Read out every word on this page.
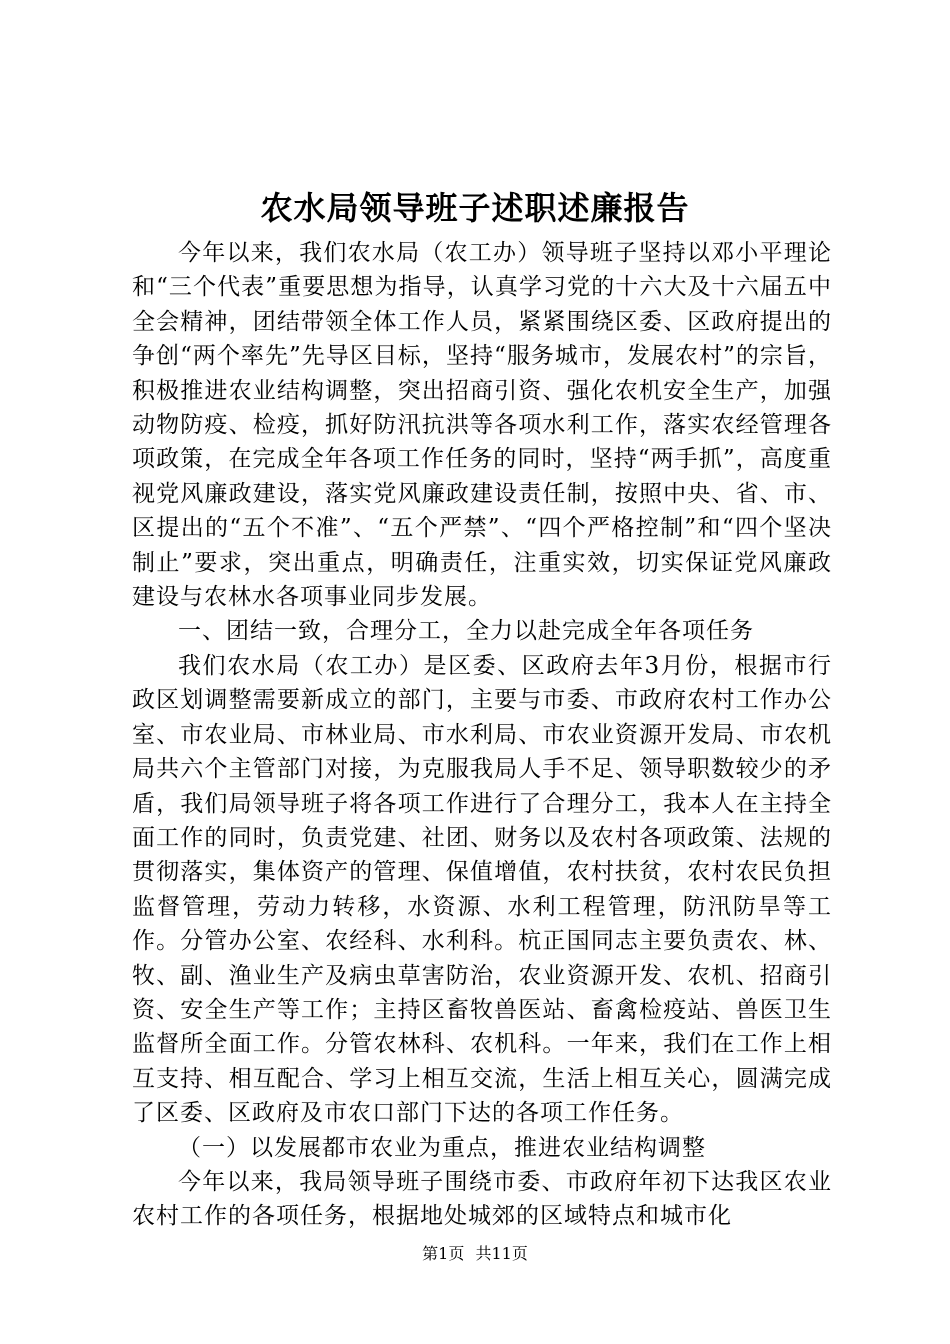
农水局领导班子述职述廉报告

今年以来，我们农水局（农工办）领导班子坚持以邓小平理论和“三个代表”重要思想为指导，认真学习党的十六大及十六届五中全会精神，团结带领全体工作人员，紧紧围绕区委、区政府提出的争创“两个率先”先导区目标，坚持“服务城市，发展农村”的宗旨，积极推进农业结构调整，突出招商引资、强化农机安全生产，加强动物防疫、检疫，抓好防汛抗洪等各项水利工作，落实农经管理各项政策，在完成全年各项工作任务的同时，坚持“两手抓”，高度重视党风廉政建设，落实党风廉政建设责任制，按照中央、省、市、区提出的“五个不准”、“五个严禁”、“四个严格控制”和“四个坚决制止”要求，突出重点，明确责任，注重实效，切实保证党风廉政建设与农林水各项事业同步发展。

一、团结一致，合理分工，全力以赴完成全年各项任务

我们农水局（农工办）是区委、区政府去年3月份，根据市行政区划调整需要新成立的部门，主要与市委、市政府农村工作办公室、市农业局、市林业局、市水利局、市农业资源开发局、市农机局共六个主管部门对接，为克服我局人手不足、领导职数较少的矛盾，我们局领导班子将各项工作进行了合理分工，我本人在主持全面工作的同时，负责党建、社团、财务以及农村各项政策、法规的贯彻落实，集体资产的管理、保值增值，农村扶贫，农村农民负担监督管理，劳动力转移，水资源、水利工程管理，防汛防旱等工作。分管办公室、农经科、水利科。杭正国同志主要负责农、林、牧、副、渔业生产及病虫草害防治，农业资源开发、农机、招商引资、安全生产等工作；主持区畜牧兽医站、畜禽检疫站、兽医卫生监督所全面工作。分管农林科、农机科。一年来，我们在工作上相互支持、相互配合、学习上相互交流，生活上相互关心，圆满完成了区委、区政府及市农口部门下达的各项工作任务。

（一）以发展都市农业为重点，推进农业结构调整

今年以来，我局领导班子围绕市委、市政府年初下达我区农业农村工作的各项任务，根据地处城郊的区域特点和城市化

第1页 共11页
